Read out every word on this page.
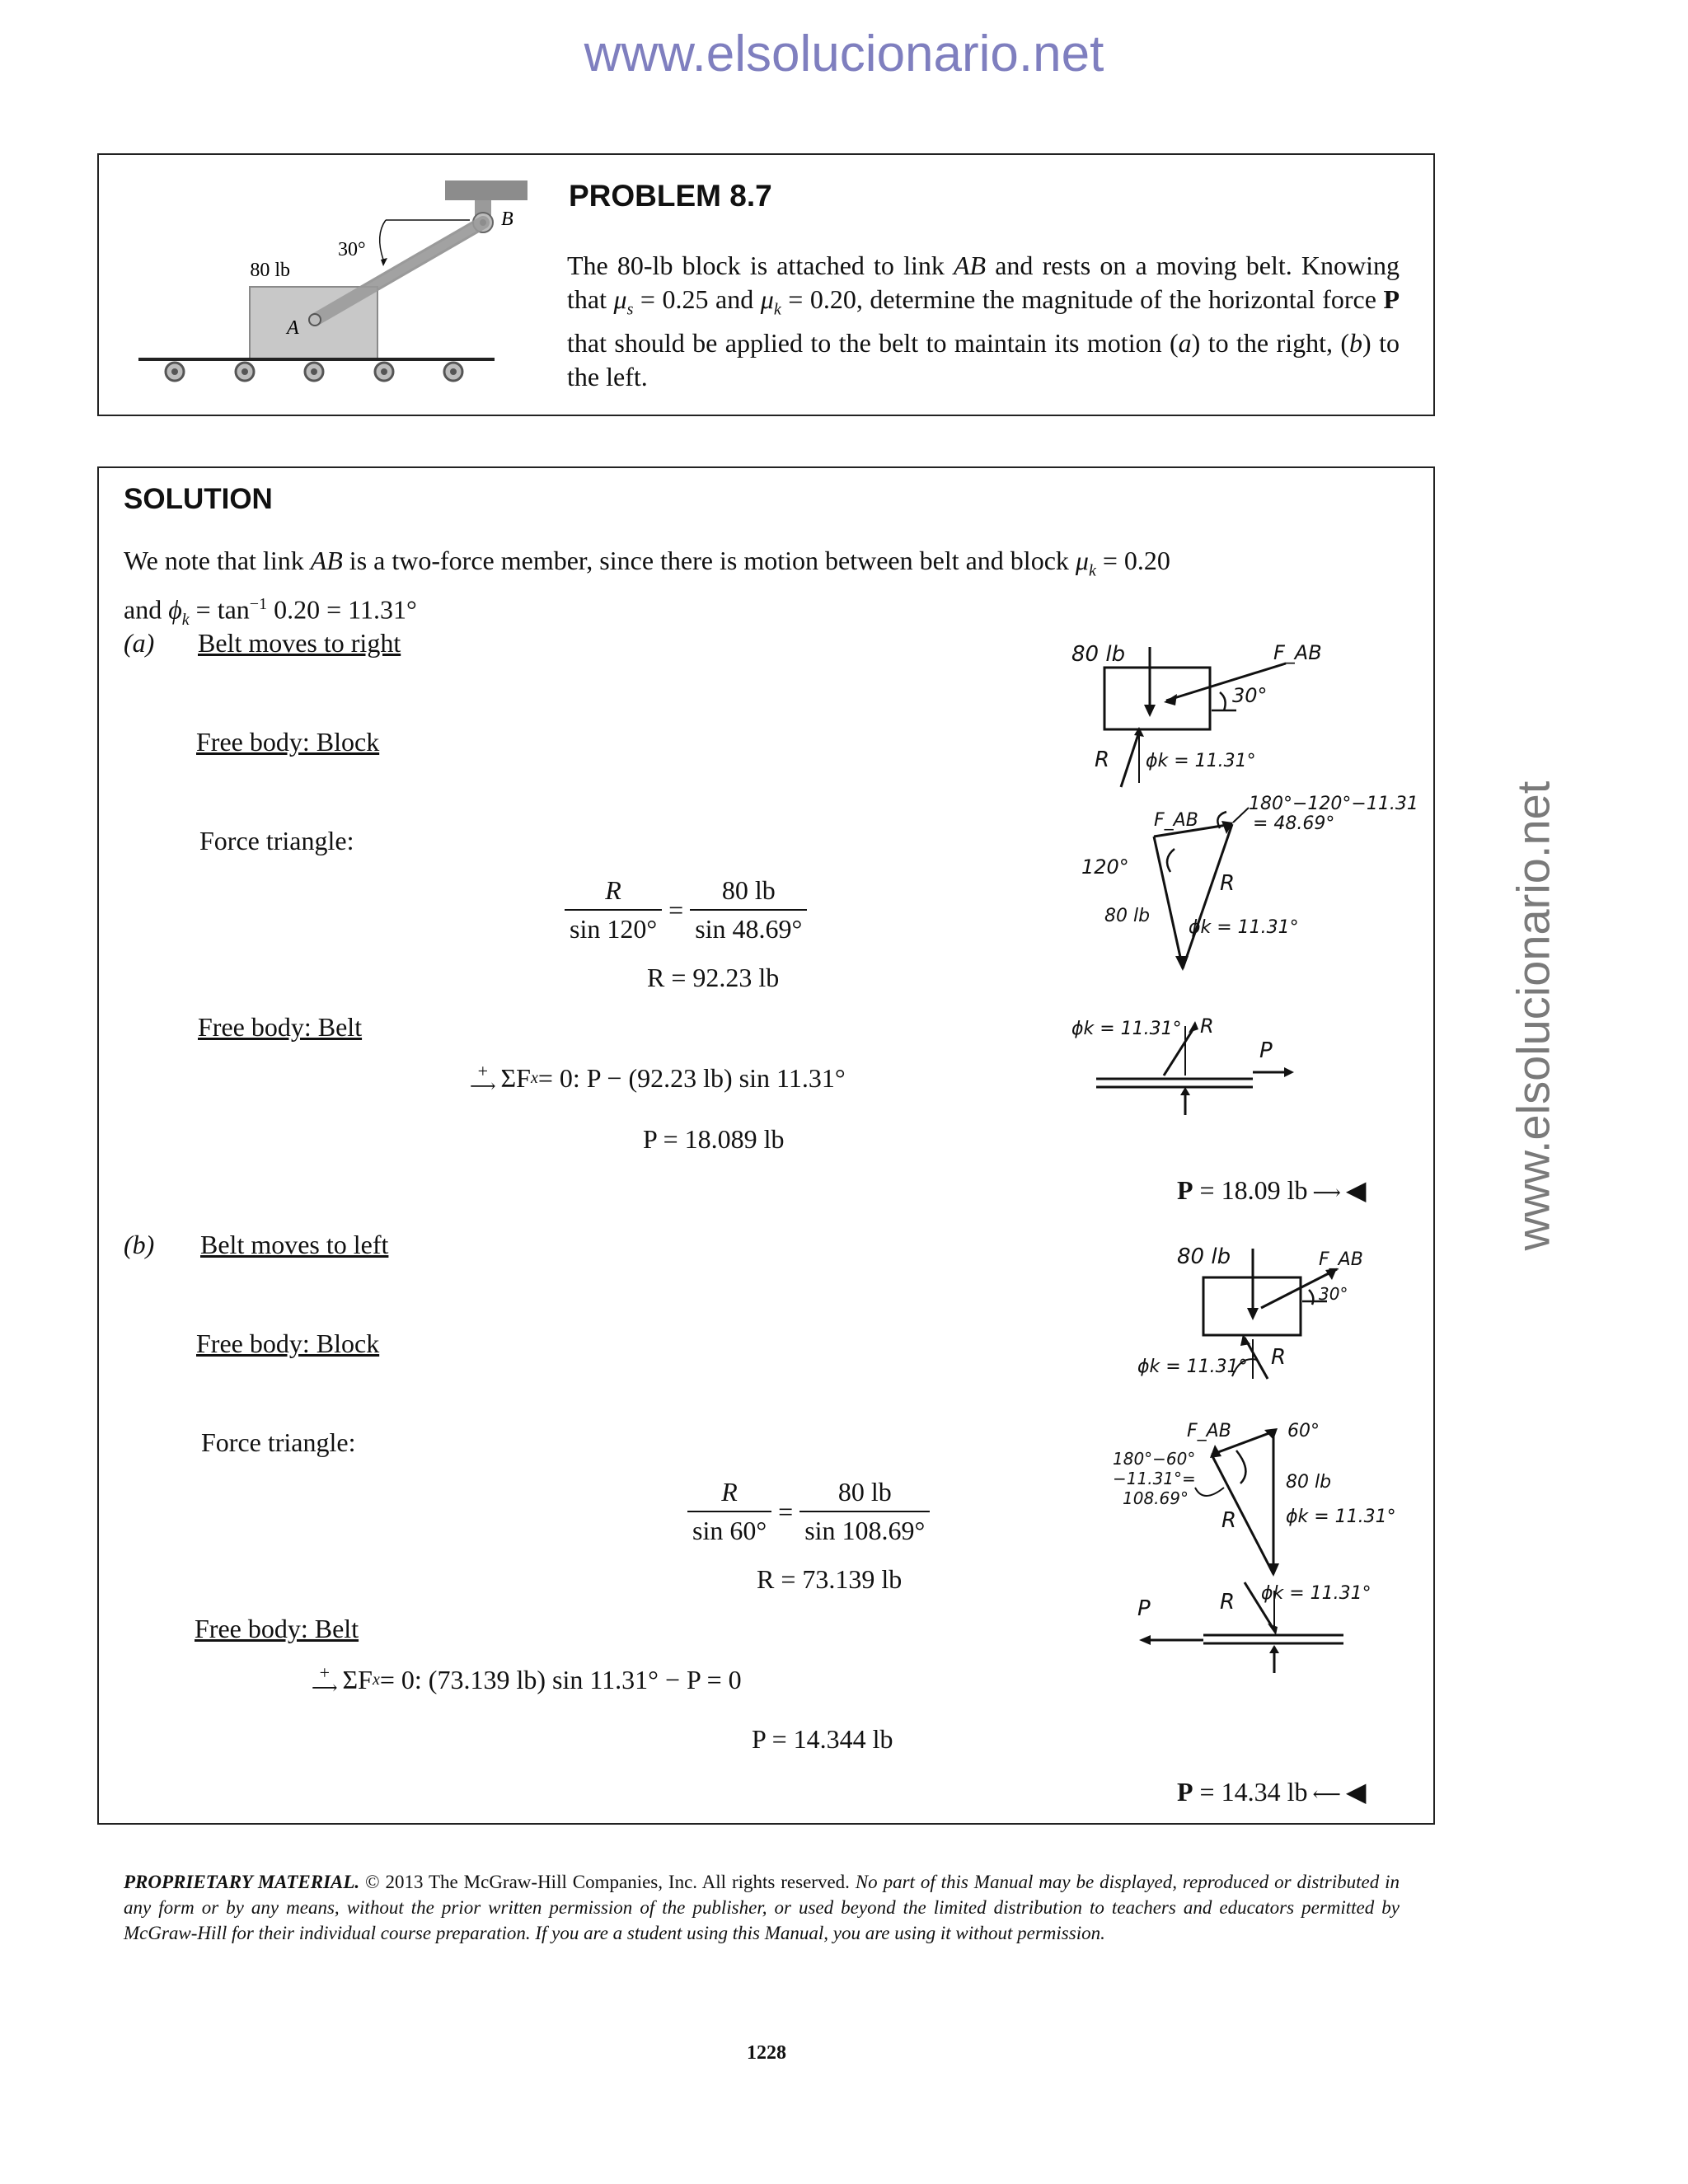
www.elsolucionario.net
www.elsolucionario.net
80 lb
30°
A
B
PROBLEM 8.7
The 80-lb block is attached to link AB and rests on a moving belt. Knowing that $\mu_s = 0.25$ and $\mu_k = 0.20$, determine the magnitude of the horizontal force P that should be applied to the belt to maintain its motion (a) to the right, (b) to the left.
SOLUTION
We note that link AB is a two-force member, since there is motion between belt and block $\mu_k = 0.20$
and $\phi_k = \tan^{-1} 0.20 = 11.31^\circ$
(a) Belt moves to right
Free body: Block
Force triangle:
$\frac{R}{\sin 120^\circ} = \frac{80 lb}{\sin 48.69^\circ}$
R = 92.23 lb
Free body: Belt
+
⟶ ΣF x = 0: P − (92.23 lb) sin 11.31°
P = 18.089 lb
P = 18.09 lb ⟶ ◀
80 lb	F_AB
30°
R ϕk = 11.31°
180°−120°−11.31
= 48.69°
F_AB
120°
R
80 lb
ϕk = 11.31°
ϕk = 11.31° R
P
(b) Belt moves to left
Free body: Block
Force triangle:
$\frac{R}{\sin 60^\circ} = \frac{80 lb}{\sin 108.69^\circ}$
R = 73.139 lb
Free body: Belt
+
⟶ ΣF x = 0: (73.139 lb) sin 11.31° − P = 0
P = 14.344 lb
P = 14.34 lb ⟵ ◀
80 lb	F_AB
30°
R
ϕk = 11.31°
F_AB	60°
180°−60°
−11.31°=
108.69°
80 lb
R	ϕk = 11.31°
P	R ϕk = 11.31°
PROPRIETARY MATERIAL. © 2013 The McGraw-Hill Companies, Inc. All rights reserved. No part of this Manual may be displayed, reproduced or distributed in any form or by any means, without the prior written permission of the publisher, or used beyond the limited distribution to teachers and educators permitted by McGraw-Hill for their individual course preparation. If you are a student using this Manual, you are using it without permission.
1228
